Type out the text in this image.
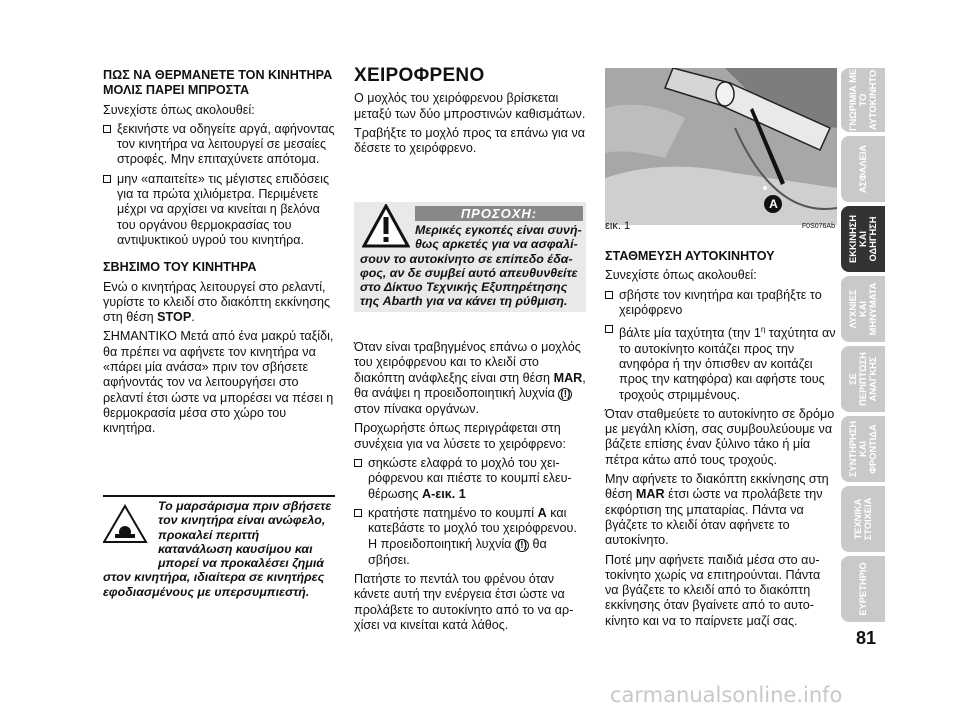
ΠΩΣ ΝΑ ΘΕΡΜΑΝΕΤΕ ΤΟΝ ΚΙΝΗΤΗΡΑ ΜΟΛΙΣ ΠΑΡΕΙ ΜΠΡΟΣΤΑ

Συνεχίστε όπως ακολουθεί:

ξεκινήστε να οδηγείτε αργά, αφήνοντας τον κινητήρα να λειτουργεί σε μεσαίες στροφές. Μην επιταχύνετε απότομα.
μην «απαιτείτε» τις μέγιστες επιδόσεις για τα πρώτα χιλιόμετρα. Περιμένετε μέχρι να αρχίσει να κινείται η βελόνα του οργάνου θερμοκρασίας του αντιψυκτικού υγρού του κινητήρα.
ΣΒΗΣΙΜΟ ΤΟΥ ΚΙΝΗΤΗΡΑ

Ενώ ο κινητήρας λειτουργεί στο ρελαντί, γυρίστε το κλειδί στο διακόπτη εκκίνησης στη θέση STOP.

ΣΗΜΑΝΤΙΚΟ Μετά από ένα μακρύ ταξίδι, θα πρέπει να αφήνετε τον κινητήρα να «πάρει μία ανάσα» πριν τον σβήσετε αφήνοντάς τον να λειτουργήσει στο ρελαντί έτσι ώστε να μπορέσει να πέσει η θερμοκρασία μέσα στο χώρο του κινητήρα.

Το μαρσάρισμα πριν σβήσετε τον κινητήρα είναι ανώφελο, προκαλεί περιττή κατανάλωση καυσίμου και μπορεί να προκαλέσει ζημιά στον κινητήρα, ιδιαίτερα σε κινητήρες εφοδιασμένους με υπερσυμπιεστή.
ΧΕΙΡΟΦΡΕΝΟ

Ο μοχλός του χειρόφρενου βρίσκεται μεταξύ των δύο μπροστινών καθισμάτων.

Τραβήξτε το μοχλό προς τα επάνω για να δέσετε το χειρόφρενο.

ΠΡΟΣΟΧΗ:
Μερικές εγκοπές είναι συνήθως αρκετές για να ασφαλίσουν το αυτοκίνητο σε επίπεδο έδαφος, αν δε συμβεί αυτό απευθυνθείτε στο Δίκτυο Τεχνικής Εξυπηρέτησης της Abarth για να κάνει τη ρύθμιση.

Όταν είναι τραβηγμένος επάνω ο μοχλός του χειρόφρενου και το κλειδί στο διακόπτη ανάφλεξης είναι στη θέση MAR, θα ανάψει η προειδοποιητική λυχνία (!) στον πίνακα οργάνων.

Προχωρήστε όπως περιγράφεται στη συνέχεια για να λύσετε το χειρόφρενο:

σηκώστε ελαφρά το μοχλό του χειρόφρενου και πιέστε το κουμπί ελευθέρωσης A-εικ. 1
κρατήστε πατημένο το κουμπί A και κατεβάστε το μοχλό του χειρόφρενου. Η προειδοποιητική λυχνία (!) θα σβήσει.

Πατήστε το πεντάλ του φρένου όταν κάνετε αυτή την ενέργεια έτσι ώστε να προλάβετε το αυτοκίνητο από το να αρχίσει να κινείται κατά λάθος.

A
εικ. 1	F0S076Ab
ΣΤΑΘΜΕΥΣΗ ΑΥΤΟΚΙΝΗΤΟΥ

Συνεχίστε όπως ακολουθεί:

σβήστε τον κινητήρα και τραβήξτε το χειρόφρενο
βάλτε μία ταχύτητα (την $1^\eta$ ταχύτητα αν το αυτοκίνητο κοιτάζει προς την ανηφόρα ή την όπισθεν αν κοιτάζει προς την κατηφόρα) και αφήστε τους τροχούς στριμμένους.

Όταν σταθμεύετε το αυτοκίνητο σε δρόμο με μεγάλη κλίση, σας συμβουλεύουμε να βάζετε επίσης έναν ξύλινο τάκο ή μία πέτρα κάτω από τους τροχούς.

Μην αφήνετε το διακόπτη εκκίνησης στη θέση MAR έτσι ώστε να προλάβετε την εκφόρτιση της μπαταρίας. Πάντα να βγάζετε το κλειδί όταν αφήνετε το αυτοκίνητο.

Ποτέ μην αφήνετε παιδιά μέσα στο αυτοκίνητο χωρίς να επιτηρούνται. Πάντα να βγάζετε το κλειδί από το διακόπτη εκκίνησης όταν βγαίνετε από το αυτοκίνητο και να το παίρνετε μαζί σας.

ΓΝΩΡΙΜΙΑ ΜΕ
ΤΟ
ΑΥΤΟΚΙΝΗΤΟ
ΑΣΦΑΛΕΙΑ
ΕΚΚΙΝΗΣΗ
ΚΑΙ
ΟΔΗΓΗΣΗ
ΛΥΧΝΙΕΣ
ΚΑΙ
ΜΗΝΥΜΑΤΑ
ΣΕ
ΠΕΡΙΠΤΩΣΗ
ΑΝΑΓΚΗΣ
ΣΥΝΤΗΡΗΣΗ
ΚΑΙ
ΦΡΟΝΤΙΔΑ
ΤΕΧΝΙΚΑ
ΣΤΟΙΧΕΙΑ
ΕΥΡΕΤΗΡΙΟ
81
carmanualsonline.info
